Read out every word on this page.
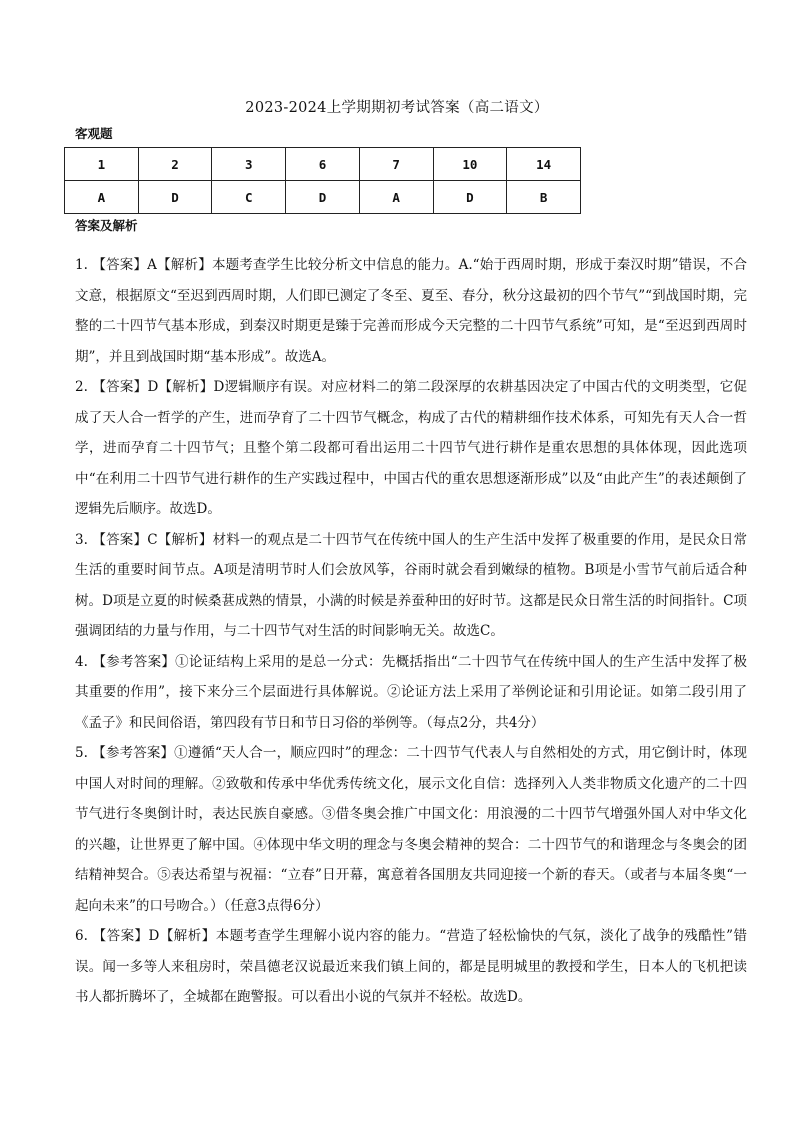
2023-2024上学期期初考试答案（高二语文）
客观题
1	2	3	6	7	10	14
A	D	C	D	A	D	B
答案及解析

1. 【答案】A【解析】本题考查学生比较分析文中信息的能力。A.“始于西周时期，形成于秦汉时期”错误，不合文意，根据原文“至迟到西周时期，人们即已测定了冬至、夏至、春分，秋分这最初的四个节气”“到战国时期，完整的二十四节气基本形成，到秦汉时期更是臻于完善而形成今天完整的二十四节气系统”可知，是“至迟到西周时期”，并且到战国时期“基本形成”。故选A。

2. 【答案】D【解析】D逻辑顺序有误。对应材料二的第二段深厚的农耕基因决定了中国古代的文明类型，它促成了天人合一哲学的产生，进而孕育了二十四节气概念，构成了古代的精耕细作技术体系，可知先有天人合一哲学，进而孕育二十四节气；且整个第二段都可看出运用二十四节气进行耕作是重农思想的具体体现，因此选项中“在利用二十四节气进行耕作的生产实践过程中，中国古代的重农思想逐渐形成”以及“由此产生”的表述颠倒了逻辑先后顺序。故选D。

3. 【答案】C【解析】材料一的观点是二十四节气在传统中国人的生产生活中发挥了极重要的作用，是民众日常生活的重要时间节点。A项是清明节时人们会放风筝，谷雨时就会看到嫩绿的植物。B项是小雪节气前后适合种树。D项是立夏的时候桑葚成熟的情景，小满的时候是养蚕种田的好时节。这都是民众日常生活的时间指针。C项强调团结的力量与作用，与二十四节气对生活的时间影响无关。故选C。

4. 【参考答案】①论证结构上采用的是总一分式：先概括指出“二十四节气在传统中国人的生产生活中发挥了极其重要的作用”，接下来分三个层面进行具体解说。②论证方法上采用了举例论证和引用论证。如第二段引用了《孟子》和民间俗语，第四段有节日和节日习俗的举例等。（每点2分，共4分）

5. 【参考答案】①遵循“天人合一，顺应四时”的理念：二十四节气代表人与自然相处的方式，用它倒计时，体现中国人对时间的理解。②致敬和传承中华优秀传统文化，展示文化自信：选择列入人类非物质文化遗产的二十四节气进行冬奥倒计时，表达民族自豪感。③借冬奥会推广中国文化：用浪漫的二十四节气增强外国人对中华文化的兴趣，让世界更了解中国。④体现中华文明的理念与冬奥会精神的契合：二十四节气的和谐理念与冬奥会的团结精神契合。⑤表达希望与祝福：“立春”日开幕，寓意着各国朋友共同迎接一个新的春天。（或者与本届冬奥“一起向未来”的口号吻合。）（任意3点得6分）

6. 【答案】D【解析】本题考查学生理解小说内容的能力。“营造了轻松愉快的气氛，淡化了战争的残酷性”错误。闻一多等人来租房时，荣昌德老汉说最近来我们镇上间的，都是昆明城里的教授和学生，日本人的飞机把读书人都折腾坏了，全城都在跑警报。可以看出小说的气氛并不轻松。故选D。
